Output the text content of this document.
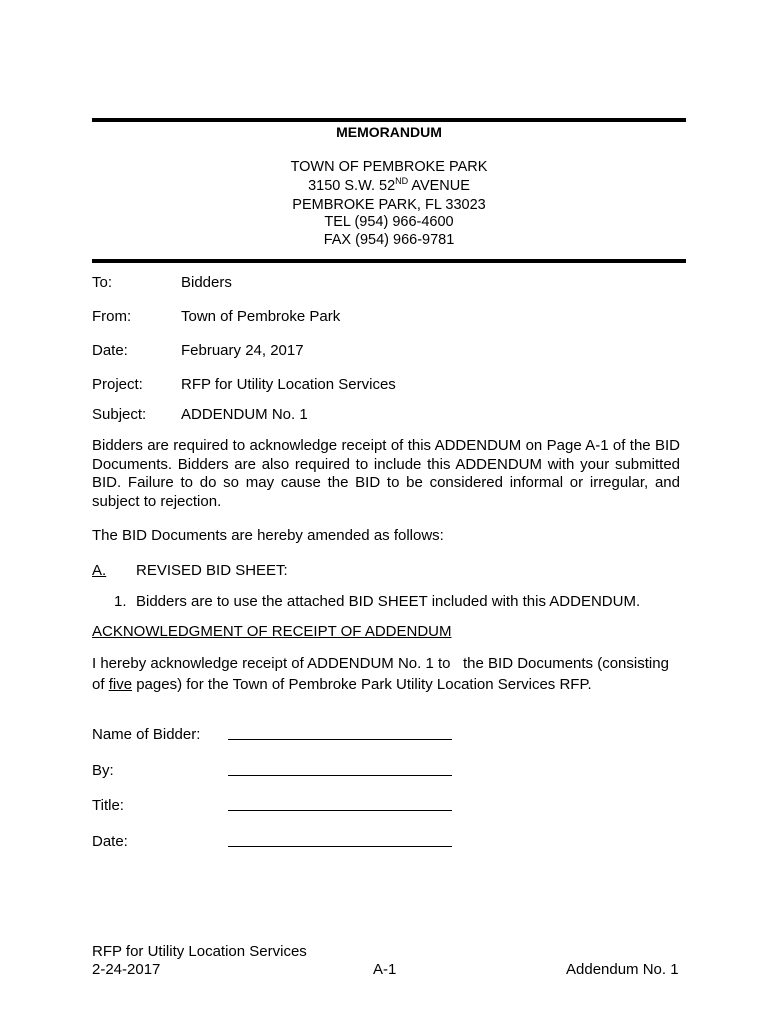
MEMORANDUM
TOWN OF PEMBROKE PARK
3150 S.W. 52ND AVENUE
PEMBROKE PARK, FL 33023
TEL (954) 966-4600
FAX (954) 966-9781
To:	Bidders
From:	Town of Pembroke Park
Date:	February 24, 2017
Project:	RFP for Utility Location Services
Subject: ADDENDUM No. 1
Bidders are required to acknowledge receipt of this ADDENDUM on Page A-1 of the BID Documents. Bidders are also required to include this ADDENDUM with your submitted BID. Failure to do so may cause the BID to be considered informal or irregular, and subject to rejection.
The BID Documents are hereby amended as follows:
A. REVISED BID SHEET:
1. Bidders are to use the attached BID SHEET included with this ADDENDUM.
ACKNOWLEDGMENT OF RECEIPT OF ADDENDUM
I hereby acknowledge receipt of ADDENDUM No. 1 to   the BID Documents (consisting
of five pages) for the Town of Pembroke Park Utility Location Services RFP.
Name of Bidder:
By:
Title:
Date:
RFP for Utility Location Services
2-24-2017	A-1	Addendum No. 1
